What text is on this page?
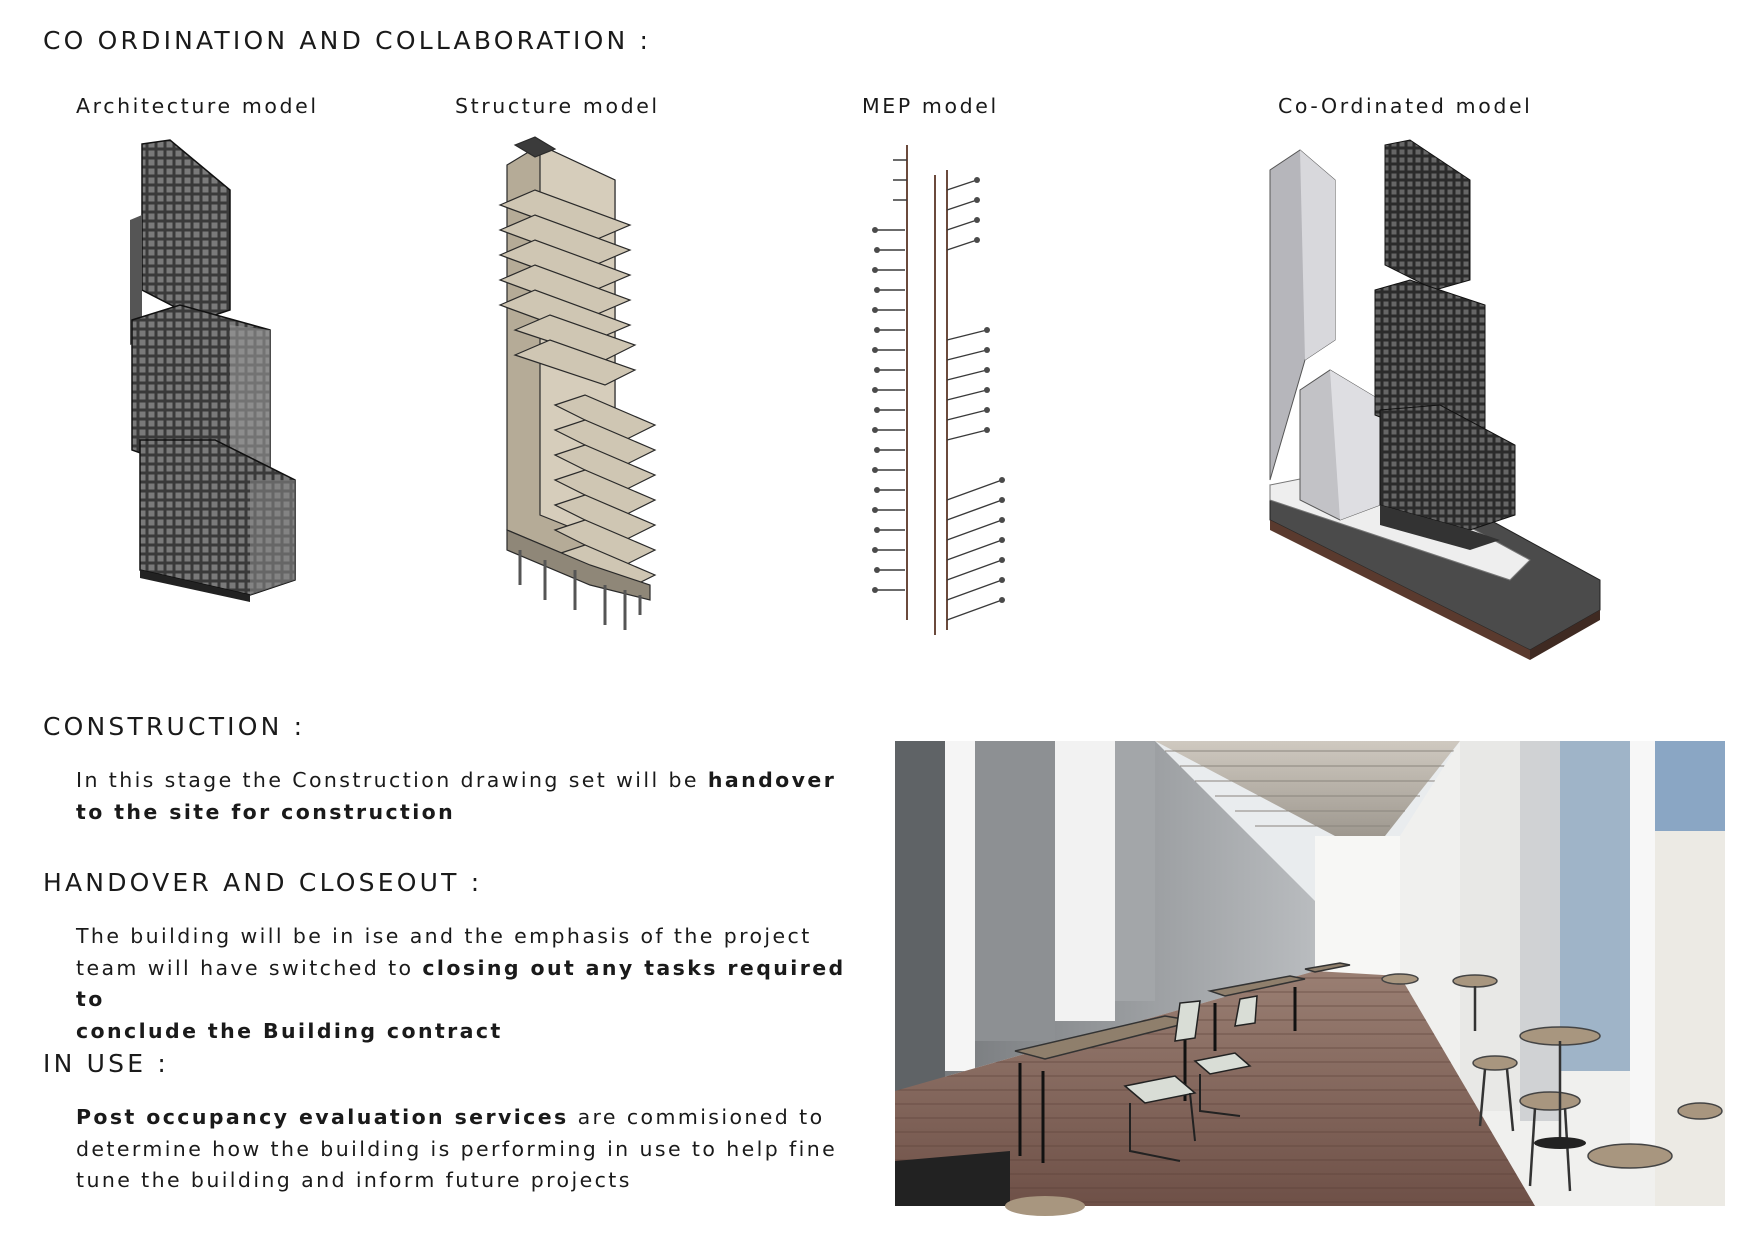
CO ORDINATION AND COLLABORATION :
Architecture model	Structure model	MEP model	Co-Ordinated model
CONSTRUCTION :
In this stage the Construction drawing set will be handover
to the site for construction
HANDOVER AND CLOSEOUT :
The building will be in ise and the emphasis of the project
team will have switched to closing out any tasks required to
conclude the Building contract
IN USE :
Post occupancy evaluation services are commisioned to
determine how the building is performing in use to help fine
tune the building and inform future projects
